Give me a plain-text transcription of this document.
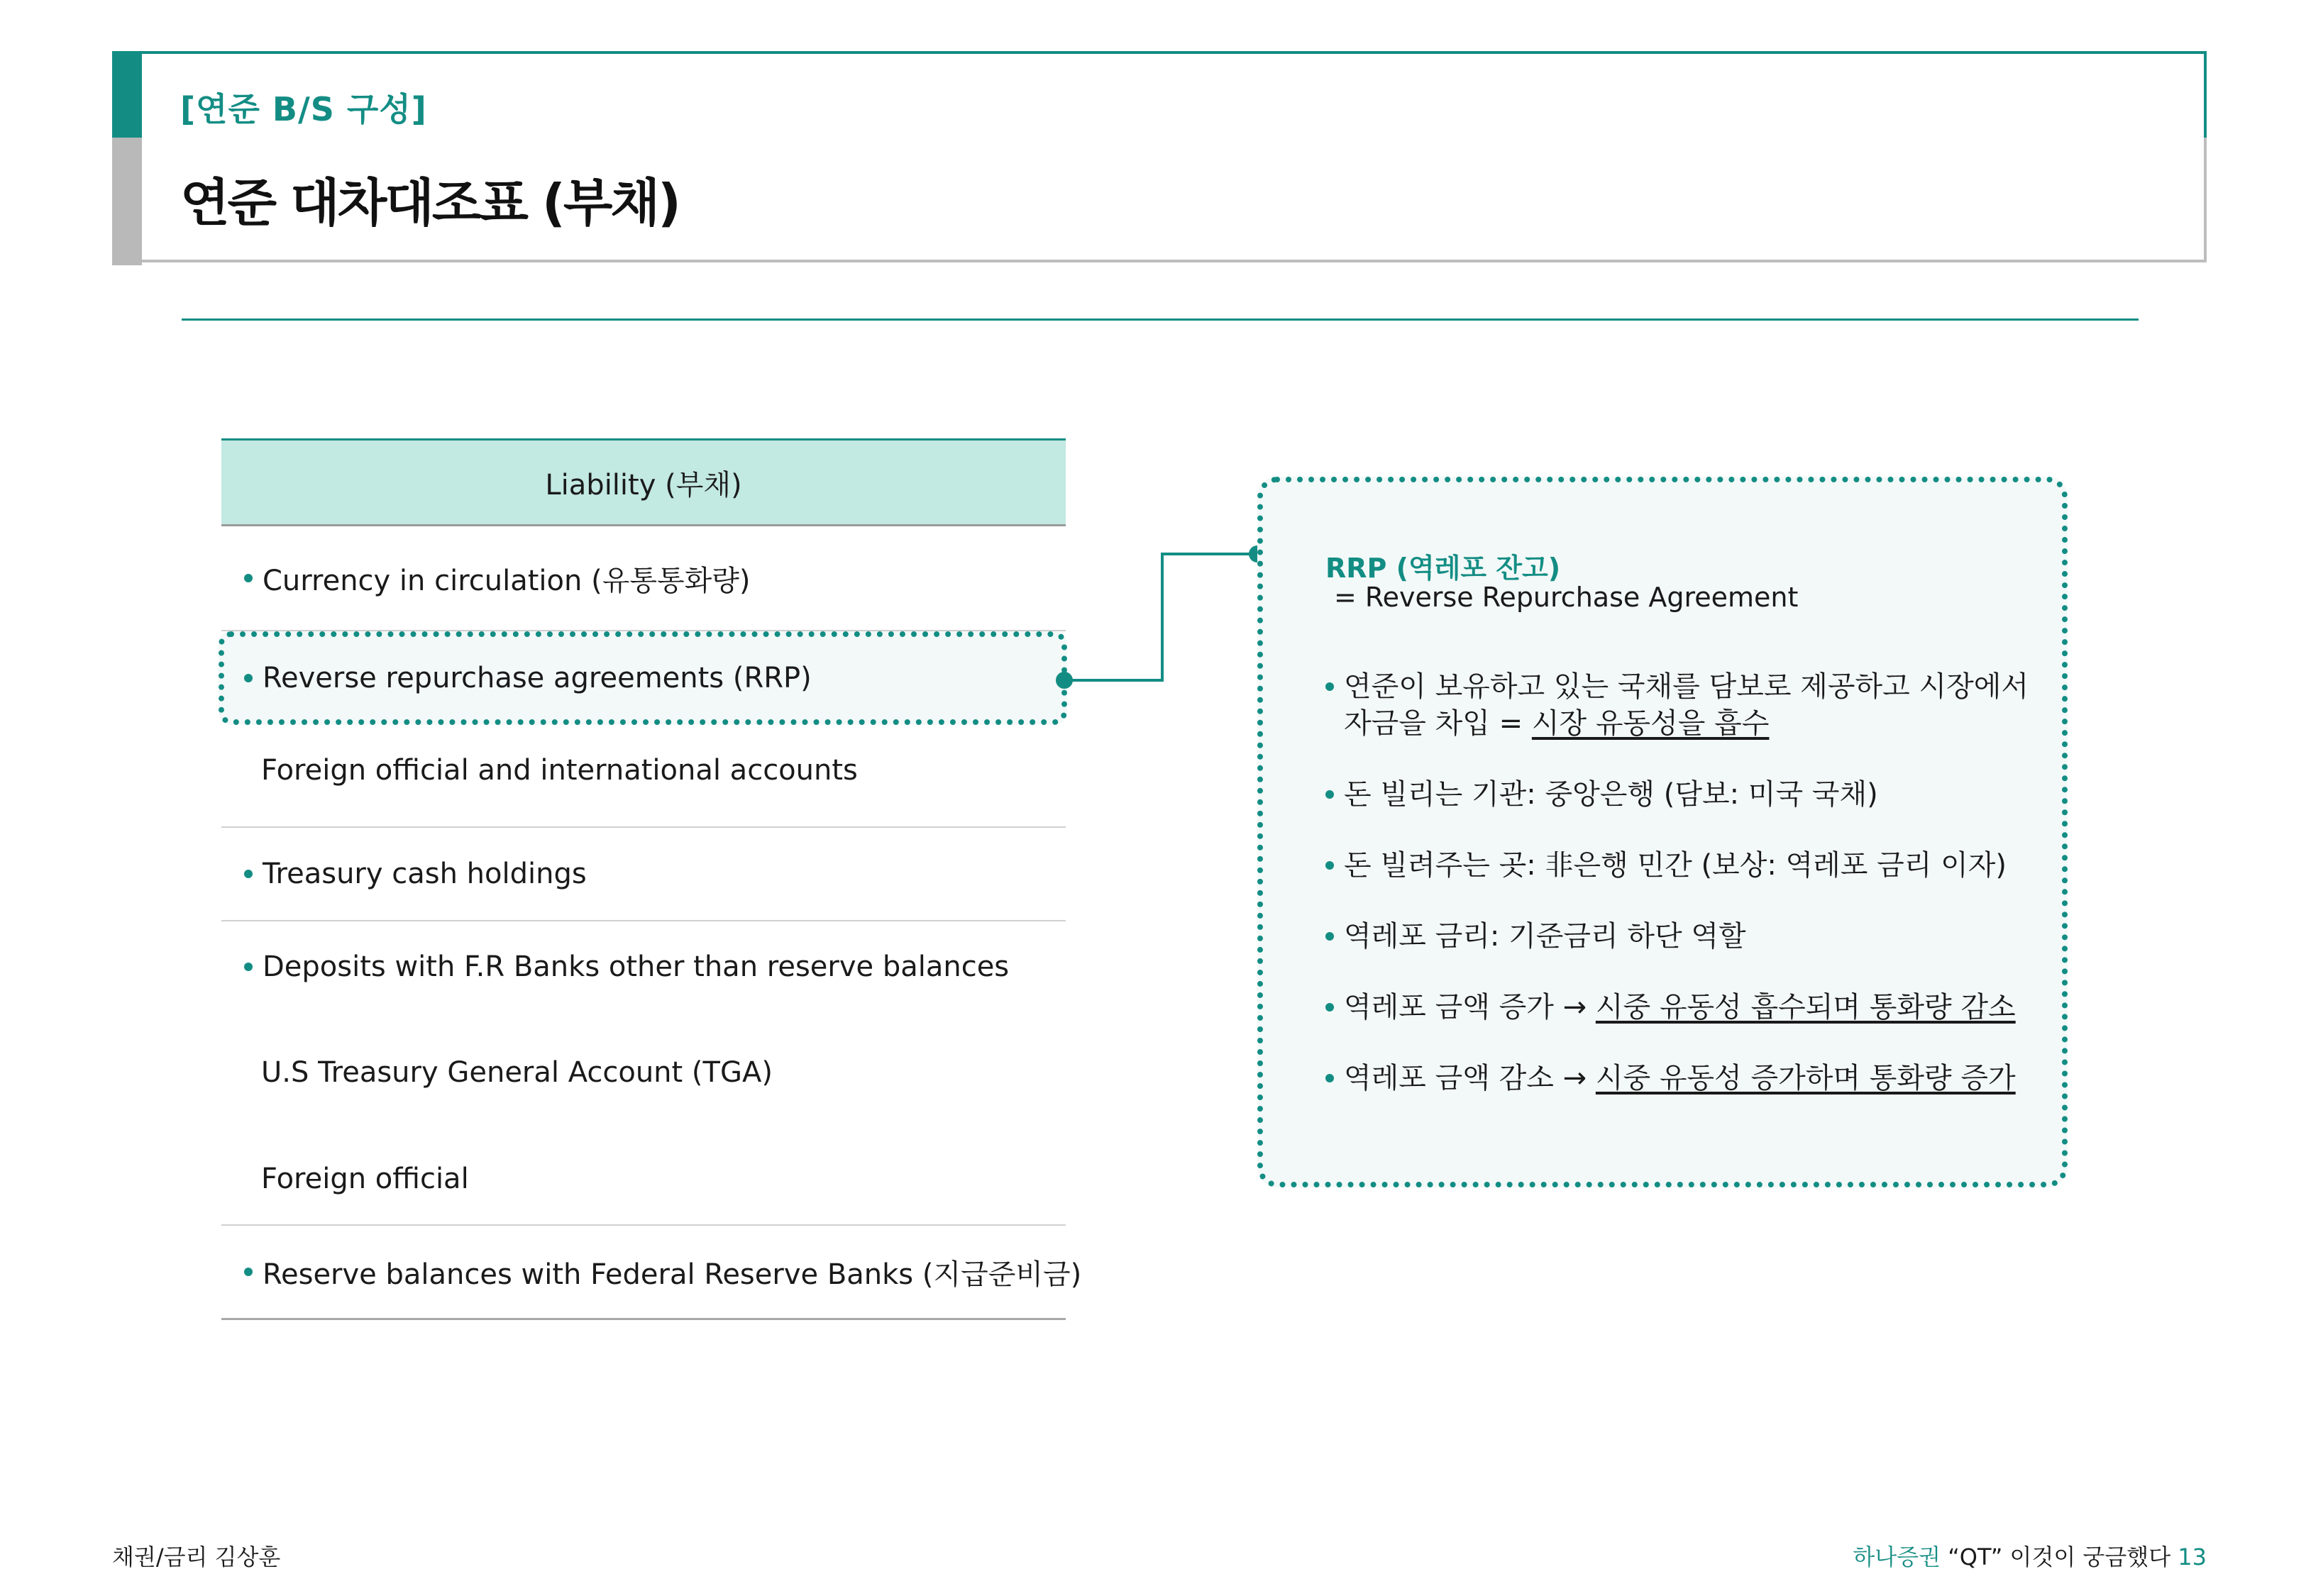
[연준 B/S 구성]
연준 대차대조표 (부채)
Liability (부채)
Currency in circulation (유통통화량)
Reverse repurchase agreements (RRP)
Foreign official and international accounts
Treasury cash holdings
Deposits with F.R Banks other than reserve balances
U.S Treasury General Account (TGA)
Foreign official
Reserve balances with Federal Reserve Banks (지급준비금)
RRP (역레포 잔고)
= Reverse Repurchase Agreement
연준이 보유하고 있는 국채를 담보로 제공하고 시장에서
자금을 차입 = 시장 유동성을 흡수
돈 빌리는 기관: 중앙은행 (담보: 미국 국채)
돈 빌려주는 곳: 非은행 민간 (보상: 역레포 금리 이자)
역레포 금리: 기준금리 하단 역할
역레포 금액 증가 → 시중 유동성 흡수되며 통화량 감소
역레포 금액 감소 → 시중 유동성 증가하며 통화량 증가
채권/금리 김상훈	하나증권 “QT” 이것이 궁금했다 13
